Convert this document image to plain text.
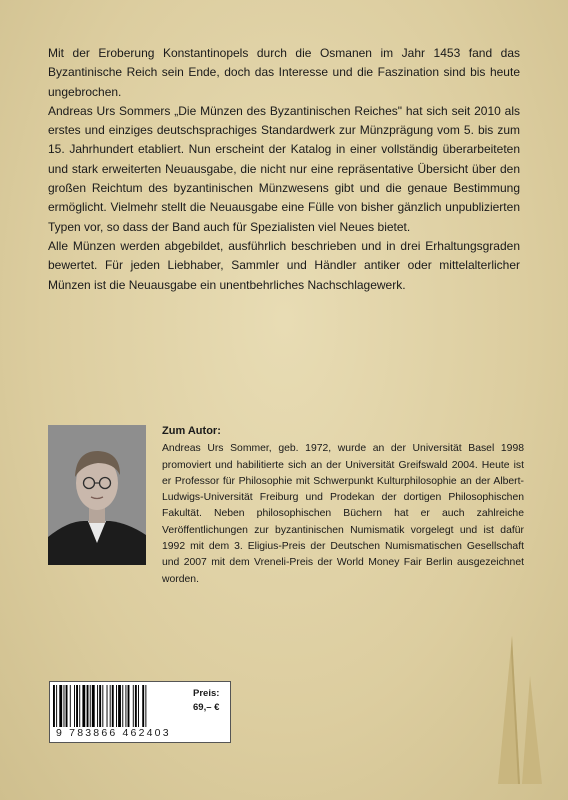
Mit der Eroberung Konstantinopels durch die Osmanen im Jahr 1453 fand das Byzantinische Reich sein Ende, doch das Interesse und die Faszination sind bis heute ungebrochen.

Andreas Urs Sommers „Die Münzen des Byzantinischen Reiches" hat sich seit 2010 als erstes und einziges deutschsprachiges Standardwerk zur Münzprägung vom 5. bis zum 15. Jahrhundert etabliert. Nun erscheint der Katalog in einer vollständig überarbeiteten und stark erweiterten Neuausgabe, die nicht nur eine repräsentative Übersicht über den großen Reichtum des byzantinischen Münzwesens gibt und die genaue Bestimmung ermöglicht. Vielmehr stellt die Neuausgabe eine Fülle von bisher gänzlich unpublizierten Typen vor, so dass der Band auch für Spezialisten viel Neues bietet.

Alle Münzen werden abgebildet, ausführlich beschrieben und in drei Erhaltungsgraden bewertet. Für jeden Liebhaber, Sammler und Händler antiker oder mittelalterlicher Münzen ist die Neuausgabe ein unentbehrliches Nachschlagewerk.

Zum Autor:

Andreas Urs Sommer, geb. 1972, wurde an der Universität Basel 1998 promoviert und habilitierte sich an der Universität Greifswald 2004. Heute ist er Professor für Philosophie mit Schwerpunkt Kulturphilosophie an der Albert-Ludwigs-Universität Freiburg und Prodekan der dortigen Philosophischen Fakultät. Neben philosophischen Büchern hat er auch zahlreiche Veröffentlichungen zur byzantinischen Numismatik vorgelegt und ist dafür 1992 mit dem 3. Eligius-Preis der Deutschen Numismatischen Gesellschaft und 2007 mit dem Vreneli-Preis der World Money Fair Berlin ausgezeichnet worden.

9 783866 462403
Preis:
69,– €
